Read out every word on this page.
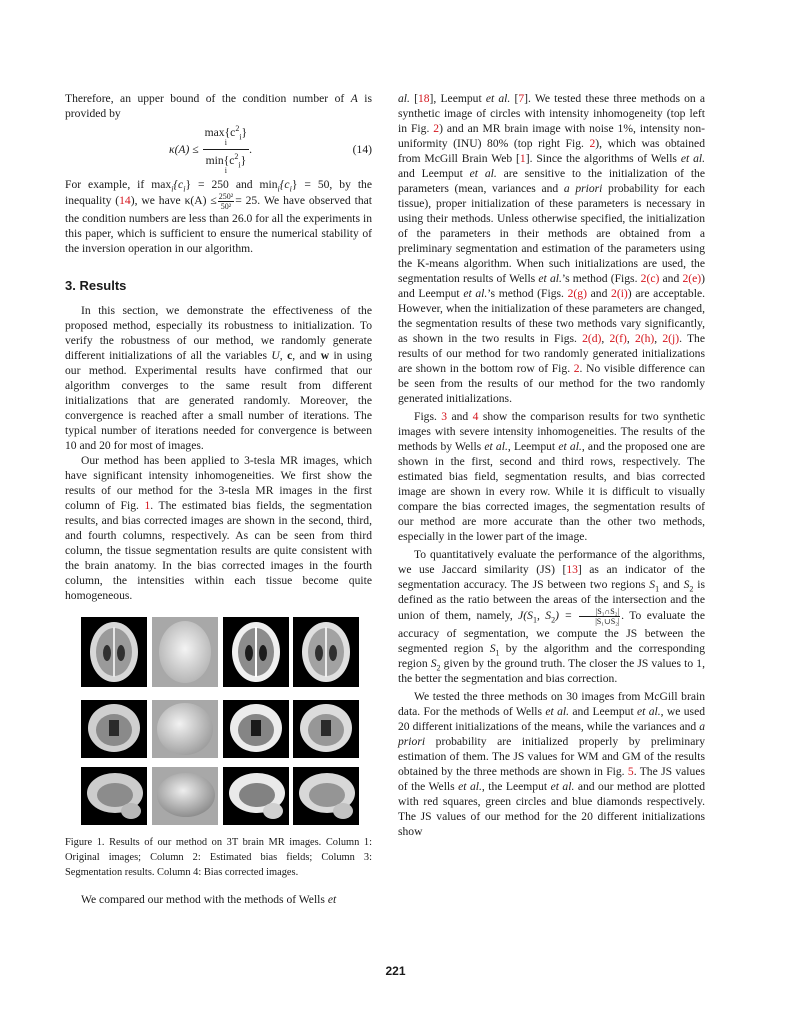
Therefore, an upper bound of the condition number of A is provided by

κ(A) ≤
$\max\{c^2_i\}$

i
$\min\{c^2_i\}$

i
.	(14)

For example, if $\max_i\{c_i\} = 250$ and $\min_i\{c_i\} = 50$, by the inequality (14), we have $\kappa(A) \le \frac{\text{250²}}{\text{50²}} = 25$. We have observed that the condition numbers are less than 26.0 for all the experiments in this paper, which is sufficient to ensure the numerical stability of the inversion operation in our algorithm.

3. Results

In this section, we demonstrate the effectiveness of the proposed method, especially its robustness to initialization. To verify the robustness of our method, we randomly generate different initializations of all the variables U, c, and w in using our method. Experimental results have confirmed that our algorithm converges to the same result from different initializations that are generated randomly. Moreover, the convergence is reached after a small number of iterations. The typical number of iterations needed for convergence is between 10 and 20 for most of images.

Our method has been applied to 3-tesla MR images, which have significant intensity inhomogeneities. We first show the results of our method for the 3-tesla MR images in the first column of Fig. 1. The estimated bias fields, the segmentation results, and bias corrected images are shown in the second, third, and fourth columns, respectively. As can be seen from third column, the tissue segmentation results are quite consistent with the brain anatomy. In the bias corrected images in the fourth column, the intensities within each tissue become quite homogeneous.

Figure 1. Results of our method on 3T brain MR images. Column 1: Original images; Column 2: Estimated bias fields; Column 3: Segmentation results. Column 4: Bias corrected images.

We compared our method with the methods of Wells et

al. [18], Leemput et al. [7]. We tested these three methods on a synthetic image of circles with intensity inhomogeneity (top left in Fig. 2) and an MR brain image with noise 1%, intensity non-uniformity (INU) 80% (top right Fig. 2), which was obtained from McGill Brain Web [1]. Since the algorithms of Wells et al. and Leemput et al. are sensitive to the initialization of the parameters (mean, variances and a priori probability for each tissue), proper initialization of these parameters is necessary in using their methods. Unless otherwise specified, the initialization of the parameters in their methods are obtained from a preliminary segmentation and estimation of the parameters using the K-means algorithm. When such initializations are used, the segmentation results of Wells et al.’s method (Figs. 2(c) and 2(e)) and Leemput et al.’s method (Figs. 2(g) and 2(i)) are acceptable. However, when the initialization of these parameters are changed, the segmentation results of these two methods vary significantly, as shown in the two results in Figs. 2(d), 2(f), 2(h), 2(j). The results of our method for two randomly generated initializations are shown in the bottom row of Fig. 2. No visible difference can be seen from the results of our method for the two randomly generated initializations.

Figs. 3 and 4 show the comparison results for two synthetic images with severe intensity inhomogeneities. The results of the methods by Wells et al., Leemput et al., and the proposed one are shown in the first, second and third rows, respectively. The estimated bias field, segmentation results, and bias corrected image are shown in every row. While it is difficult to visually compare the bias corrected images, the segmentation results of our method are more accurate than the other two methods, especially in the lower part of the image.

To quantitatively evaluate the performance of the algorithms, we use Jaccard similarity (JS) [13] as an indicator of the segmentation accuracy. The JS between two regions $S_1$ and $S_2$ is defined as the ratio between the areas of the intersection and the union of them, namely, $J(S_1$, $S_2) = \frac{\text{|S₁∩S₂|}}{\text{|S₁∪S₂|}}$ . To evaluate the accuracy of segmentation, we compute the JS between the segmented region $S_1$ by the algorithm and the corresponding region $S_2$ given by the ground truth. The closer the JS values to 1, the better the segmentation and bias correction.

We tested the three methods on 30 images from McGill brain data. For the methods of Wells et al. and Leemput et al., we used 20 different initializations of the means, while the variances and a priori probability are initialized properly by preliminary estimation of them. The JS values for WM and GM of the results obtained by the three methods are shown in Fig. 5. The JS values of the Wells et al., the Leemput et al. and our method are plotted with red squares, green circles and blue diamonds respectively. The JS values of our method for the 20 different initializations show

221
